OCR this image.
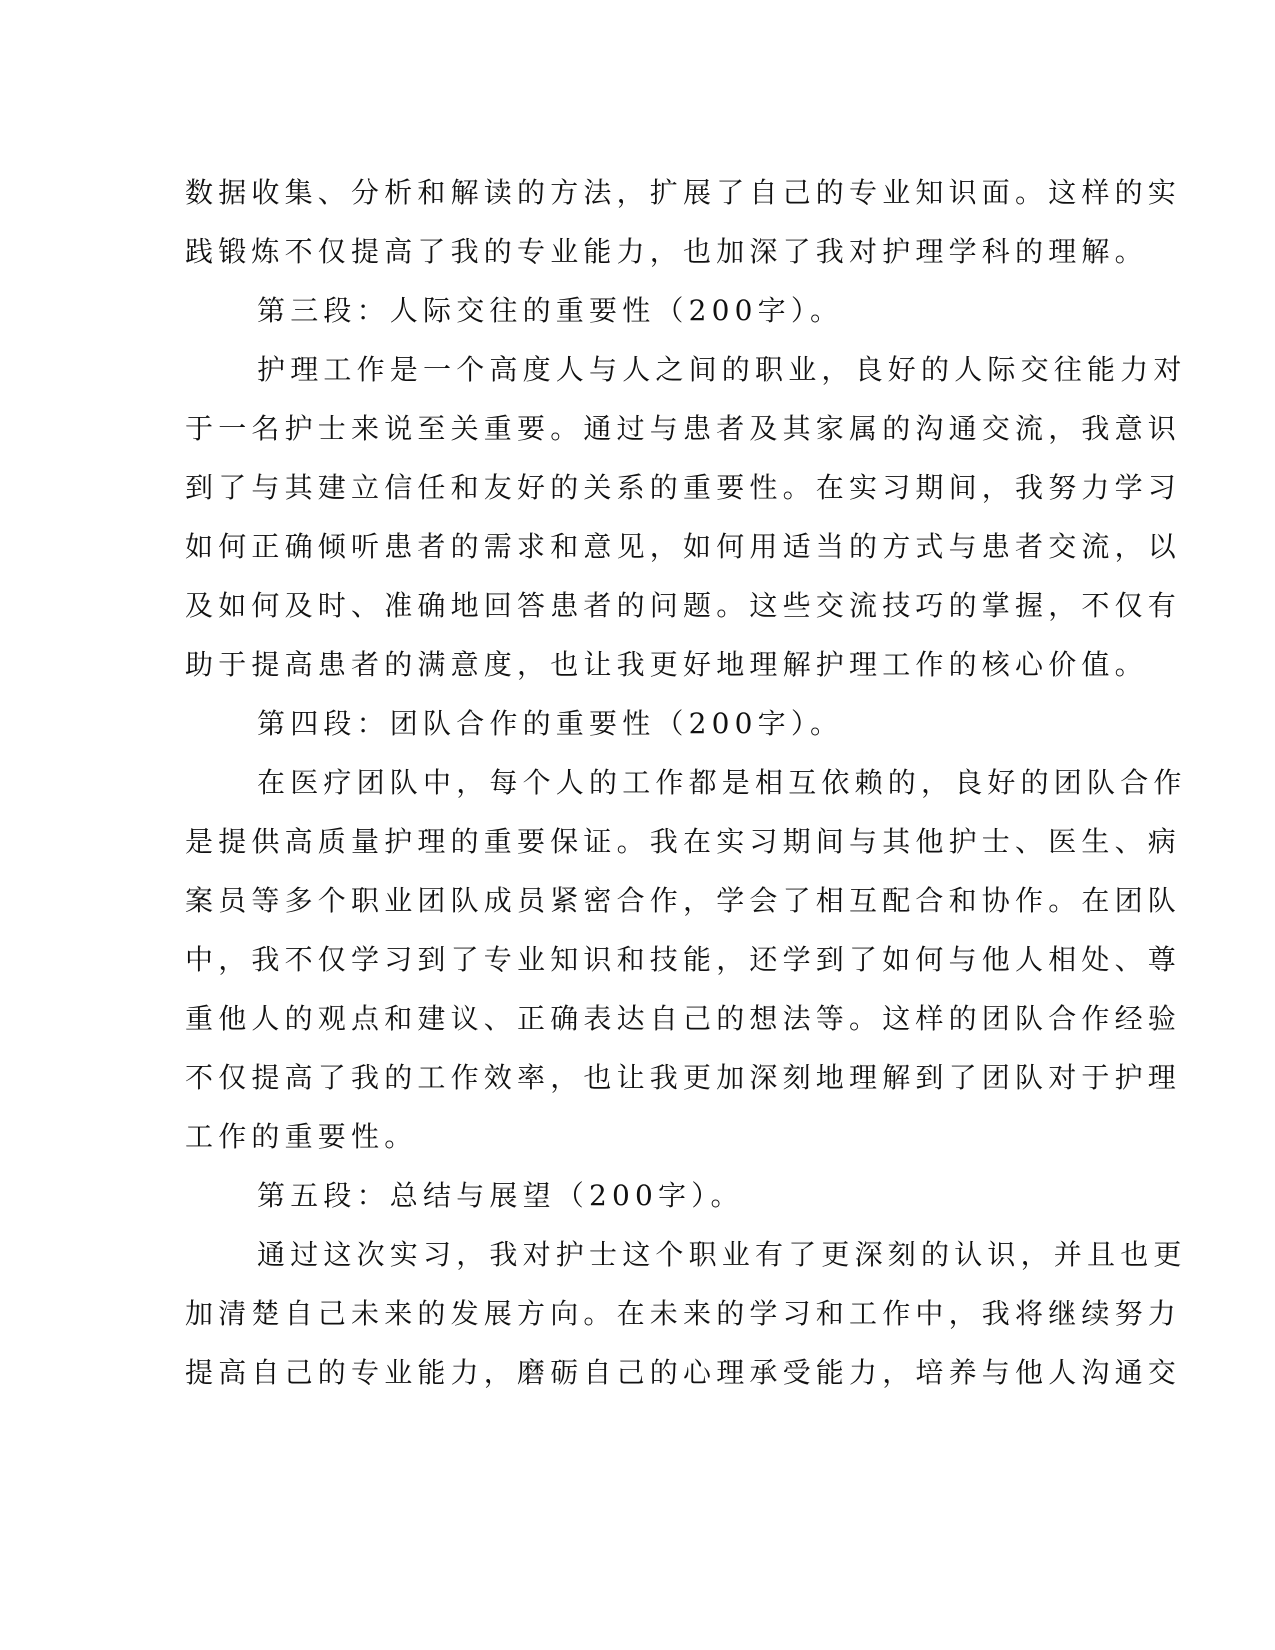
数据收集、分析和解读的方法，扩展了自己的专业知识面。这样的实
践锻炼不仅提高了我的专业能力，也加深了我对护理学科的理解。
第三段：人际交往的重要性（200字）。
护理工作是一个高度人与人之间的职业，良好的人际交往能力对
于一名护士来说至关重要。通过与患者及其家属的沟通交流，我意识
到了与其建立信任和友好的关系的重要性。在实习期间，我努力学习
如何正确倾听患者的需求和意见，如何用适当的方式与患者交流，以
及如何及时、准确地回答患者的问题。这些交流技巧的掌握，不仅有
助于提高患者的满意度，也让我更好地理解护理工作的核心价值。
第四段：团队合作的重要性（200字）。
在医疗团队中，每个人的工作都是相互依赖的，良好的团队合作
是提供高质量护理的重要保证。我在实习期间与其他护士、医生、病
案员等多个职业团队成员紧密合作，学会了相互配合和协作。在团队
中，我不仅学习到了专业知识和技能，还学到了如何与他人相处、尊
重他人的观点和建议、正确表达自己的想法等。这样的团队合作经验
不仅提高了我的工作效率，也让我更加深刻地理解到了团队对于护理
工作的重要性。
第五段：总结与展望（200字）。
通过这次实习，我对护士这个职业有了更深刻的认识，并且也更
加清楚自己未来的发展方向。在未来的学习和工作中，我将继续努力
提高自己的专业能力，磨砺自己的心理承受能力，培养与他人沟通交
